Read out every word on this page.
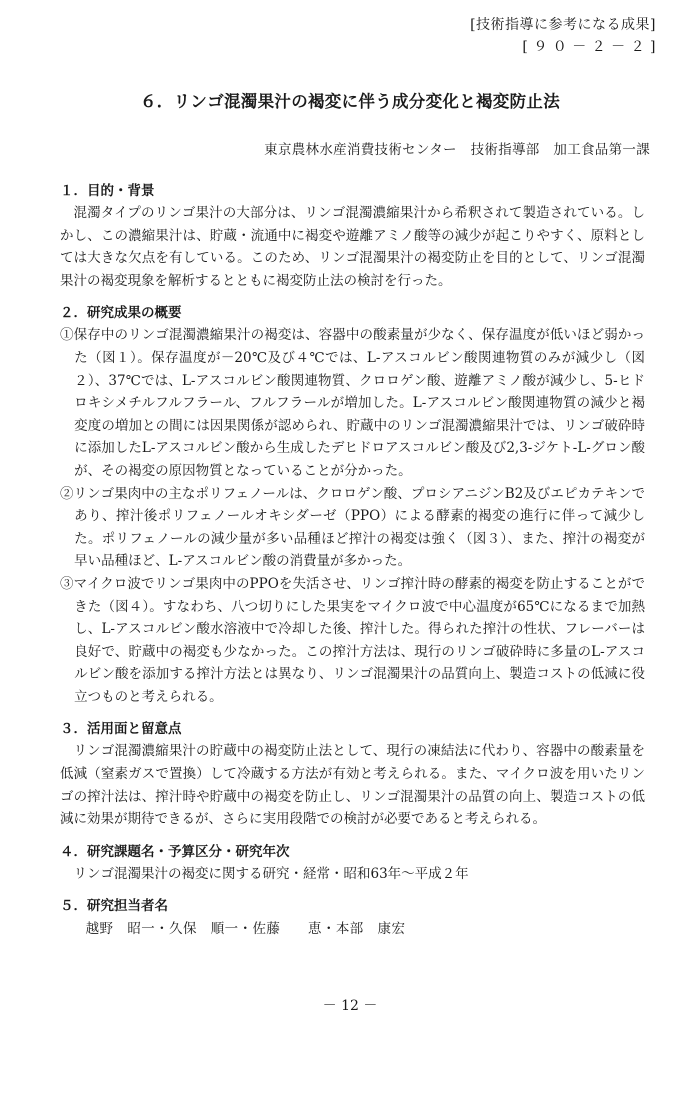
[技術指導に参考になる成果]
[ ９ ０ － ２ － ２ ]
６．リンゴ混濁果汁の褐変に伴う成分変化と褐変防止法
東京農林水産消費技術センター　技術指導部　加工食品第一課
１．目的・背景

混濁タイプのリンゴ果汁の大部分は、リンゴ混濁濃縮果汁から希釈されて製造されている。しかし、この濃縮果汁は、貯蔵・流通中に褐変や遊離アミノ酸等の減少が起こりやすく、原料としては大きな欠点を有している。このため、リンゴ混濁果汁の褐変防止を目的として、リンゴ混濁果汁の褐変現象を解析するとともに褐変防止法の検討を行った。

２．研究成果の概要

①保存中のリンゴ混濁濃縮果汁の褐変は、容器中の酸素量が少なく、保存温度が低いほど弱かった（図１）。保存温度が－20℃及び４℃では、L-アスコルビン酸関連物質のみが減少し（図２）、37℃では、L-アスコルビン酸関連物質、クロロゲン酸、遊離アミノ酸が減少し、5-ヒドロキシメチルフルフラール、フルフラールが増加した。L-アスコルビン酸関連物質の減少と褐変度の増加との間には因果関係が認められ、貯蔵中のリンゴ混濁濃縮果汁では、リンゴ破砕時に添加したL-アスコルビン酸から生成したデヒドロアスコルビン酸及び2,3-ジケト-L-グロン酸が、その褐変の原因物質となっていることが分かった。

②リンゴ果肉中の主なポリフェノールは、クロロゲン酸、プロシアニジンB2及びエピカテキンであり、搾汁後ポリフェノールオキシダーゼ（PPO）による酵素的褐変の進行に伴って減少した。ポリフェノールの減少量が多い品種ほど搾汁の褐変は強く（図３）、また、搾汁の褐変が早い品種ほど、L-アスコルビン酸の消費量が多かった。

③マイクロ波でリンゴ果肉中のPPOを失活させ、リンゴ搾汁時の酵素的褐変を防止することができた（図４）。すなわち、八つ切りにした果実をマイクロ波で中心温度が65℃になるまで加熱し、L-アスコルビン酸水溶液中で冷却した後、搾汁した。得られた搾汁の性状、フレーバーは良好で、貯蔵中の褐変も少なかった。この搾汁方法は、現行のリンゴ破砕時に多量のL-アスコルビン酸を添加する搾汁方法とは異なり、リンゴ混濁果汁の品質向上、製造コストの低減に役立つものと考えられる。

３．活用面と留意点

リンゴ混濁濃縮果汁の貯蔵中の褐変防止法として、現行の凍結法に代わり、容器中の酸素量を低減（窒素ガスで置換）して冷蔵する方法が有効と考えられる。また、マイクロ波を用いたリンゴの搾汁法は、搾汁時や貯蔵中の褐変を防止し、リンゴ混濁果汁の品質の向上、製造コストの低減に効果が期待できるが、さらに実用段階での検討が必要であると考えられる。

４．研究課題名・予算区分・研究年次

リンゴ混濁果汁の褐変に関する研究・経常・昭和63年～平成２年

５．研究担当者名

越野　昭一・久保　順一・佐藤　　恵・本部　康宏

－ 12 －
